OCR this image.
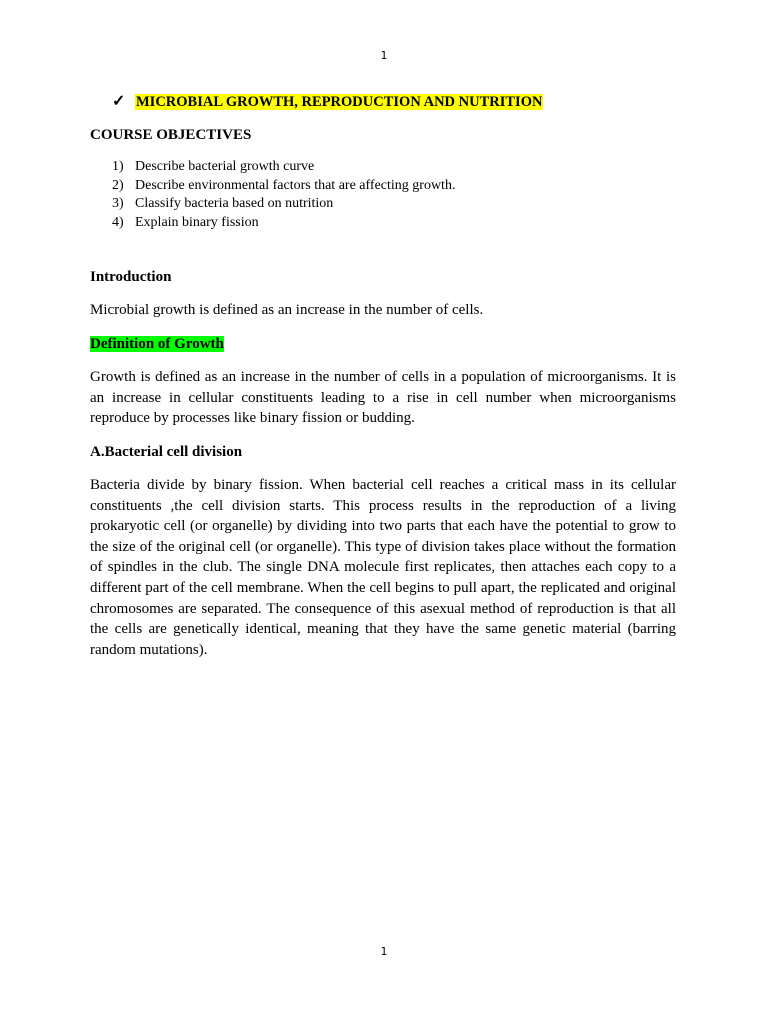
1
✓ MICROBIAL GROWTH, REPRODUCTION AND NUTRITION
COURSE OBJECTIVES
1) Describe bacterial growth curve
2) Describe environmental factors that are affecting growth.
3) Classify bacteria based on nutrition
4) Explain binary fission
Introduction

Microbial growth is defined as an increase in the number of cells.

Definition of Growth

Growth is defined as an increase in the number of cells in a population of microorganisms. It is an increase in cellular constituents leading to a rise in cell number when microorganisms reproduce by processes like binary fission or budding.

A.Bacterial cell division

Bacteria divide by binary fission. When bacterial cell reaches a critical mass in its cellular constituents ,the cell division starts. This process results in the reproduction of a living prokaryotic cell (or organelle) by dividing into two parts that each have the potential to grow to the size of the original cell (or organelle). This type of division takes place without the formation of spindles in the club. The single DNA molecule first replicates, then attaches each copy to a different part of the cell membrane. When the cell begins to pull apart, the replicated and original chromosomes are separated. The consequence of this asexual method of reproduction is that all the cells are genetically identical, meaning that they have the same genetic material (barring random mutations).

1
